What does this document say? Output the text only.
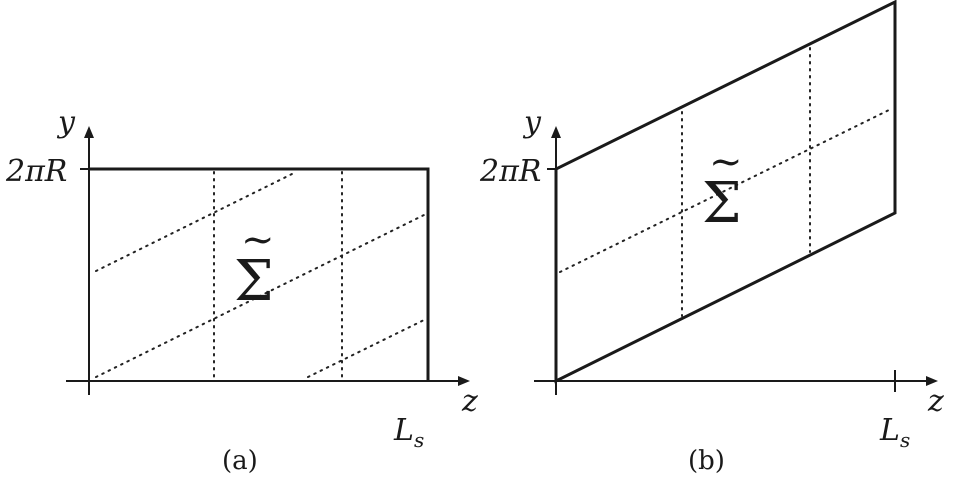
y
2πR
z
L s
Σ
~
(a)
y
2πR
z
L s
Σ
~
(b)
